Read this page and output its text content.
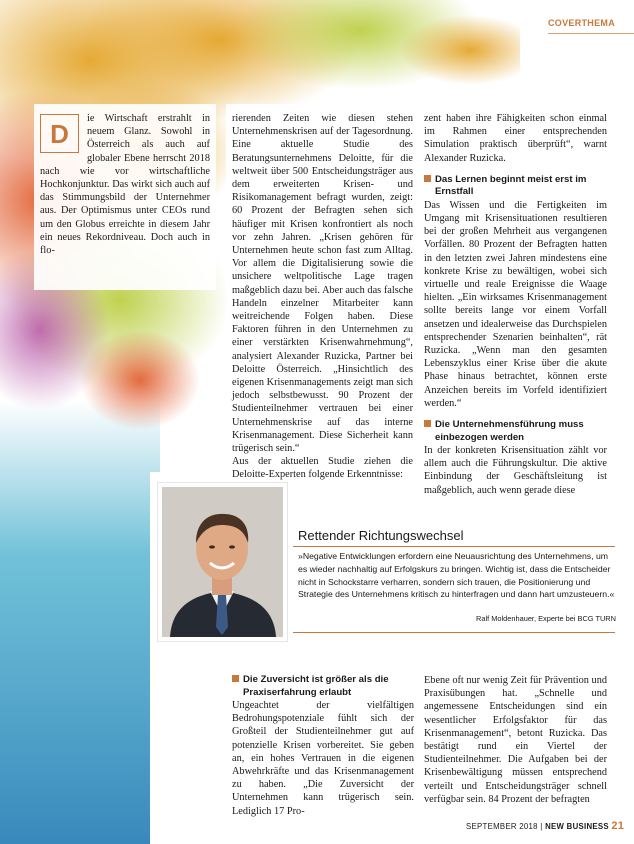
COVERTHEMA
D	ie Wirtschaft erstrahlt in neuem Glanz. Sowohl in Österreich als auch auf globaler Ebene herrscht 2018 nach wie vor wirtschaftliche Hochkonjunktur. Das wirkt sich auch auf das Stimmungsbild der Unternehmer aus. Der Optimismus unter CEOs rund um den Globus erreichte in diesem Jahr ein neues Rekordniveau. Doch auch in flo-

rierenden Zeiten wie diesen stehen Unternehmenskrisen auf der Tagesordnung. Eine aktuelle Studie des Beratungsunternehmens Deloitte, für die weltweit über 500 Entscheidungsträger aus dem erweiterten Krisen- und Risikomanagement befragt wurden, zeigt: 60 Prozent der Befragten sehen sich häufiger mit Krisen konfrontiert als noch vor zehn Jahren. „Krisen gehören für Unternehmen heute schon fast zum Alltag. Vor allem die Digitalisierung sowie die unsichere weltpolitische Lage tragen maßgeblich dazu bei. Aber auch das falsche Handeln einzelner Mitarbeiter kann weitreichende Folgen haben. Diese Faktoren führen in den Unternehmen zu einer verstärkten Krisenwahrnehmung“, analysiert Alexander Ruzicka, Partner bei Deloitte Österreich. „Hinsichtlich des eigenen Krisenmanagements zeigt man sich jedoch selbstbewusst. 90 Prozent der Studienteilnehmer vertrauen bei einer Unternehmenskrise auf das interne Krisenmanagement. Diese Sicherheit kann trügerisch sein.“

Aus der aktuellen Studie ziehen die Deloitte-Experten folgende Erkenntnisse:

zent haben ihre Fähigkeiten schon einmal im Rahmen einer entsprechenden Simulation praktisch überprüft“, warnt Alexander Ruzicka.

Das Lernen beginnt meist erst im
Ernstfall

Das Wissen und die Fertigkeiten im Umgang mit Krisensituationen resultieren bei der großen Mehrheit aus vergangenen Vorfällen. 80 Prozent der Befragten hatten in den letzten zwei Jahren mindestens eine konkrete Krise zu bewältigen, wobei sich virtuelle und reale Ereignisse die Waage hielten. „Ein wirksames Krisenmanagement sollte bereits lange vor einem Vorfall ansetzen und idealerweise das Durchspielen entsprechender Szenarien beinhalten“, rät Ruzicka. „Wenn man den gesamten Lebenszyklus einer Krise über die akute Phase hinaus betrachtet, können erste Anzeichen bereits im Vorfeld identifiziert werden.“

Die Unternehmensführung muss
einbezogen werden

In der konkreten Krisensituation zählt vor allem auch die Führungskultur. Die aktive Einbindung der Geschäftsleitung ist maßgeblich, auch wenn gerade diese

Rettender Richtungswechsel
»Negative Entwicklungen erfordern eine Neuausrichtung des Unternehmens, um es wieder nachhaltig auf Erfolgskurs zu bringen. Wichtig ist, dass die Entscheider nicht in Schockstarre verharren, sondern sich trauen, die Positionierung und Strategie des Unternehmens kritisch zu hinterfragen und dann hart umzusteuern.«
Ralf Moldenhauer, Experte bei BCG TURN

Die Zuversicht ist größer als die
Praxiserfahrung erlaubt

Ungeachtet der vielfältigen Bedrohungspotenziale fühlt sich der Großteil der Studienteilnehmer gut auf potenzielle Krisen vorbereitet. Sie geben an, ein hohes Vertrauen in die eigenen Abwehrkräfte und das Krisenmanagement zu haben. „Die Zuversicht der Unternehmen kann trügerisch sein. Lediglich 17 Pro-

Ebene oft nur wenig Zeit für Prävention und Praxisübungen hat. „Schnelle und angemessene Entscheidungen sind ein wesentlicher Erfolgsfaktor für das Krisenmanagement“, betont Ruzicka. Das bestätigt rund ein Viertel der Studienteilnehmer. Die Aufgaben bei der Krisenbewältigung müssen entsprechend verteilt und Entscheidungsträger schnell verfügbar sein. 84 Prozent der befragten

SEPTEMBER 2018 | NEW BUSINESS 21
